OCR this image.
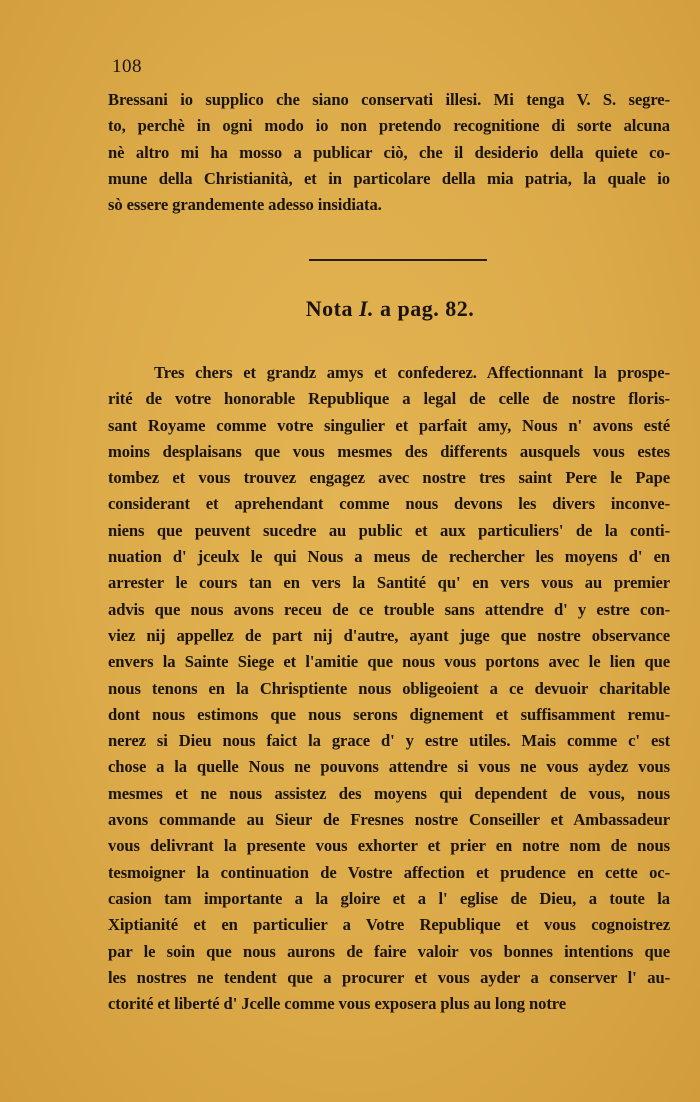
108
Bressani io supplico che siano conservati illesi. Mi tenga V. S. segre-
to, perchè in ogni modo io non pretendo recognitione di sorte alcuna
nè altro mi ha mosso a publicar ciò, che il desiderio della quiete co-
mune della Christianità, et in particolare della mia patria, la quale io
sò essere grandemente adesso insidiata.
Nota I. a pag. 82.
Tres chers et grandz amys et confederez. Affectionnant la prospe-
rité de votre honorable Republique a legal de celle de nostre floris-
sant Royame comme votre singulier et parfait amy, Nous n' avons esté
moins desplaisans que vous mesmes des differents ausquels vous estes
tombez et vous trouvez engagez avec nostre tres saint Pere le Pape
considerant et aprehendant comme nous devons les divers inconve-
niens que peuvent sucedre au public et aux particuliers' de la conti-
nuation d' jceulx le qui Nous a meus de rechercher les moyens d' en
arrester le cours tan en vers la Santité qu' en vers vous au premier
advis que nous avons receu de ce trouble sans attendre d' y estre con-
viez nij appellez de part nij d'autre, ayant juge que nostre observance
envers la Sainte Siege et l'amitie que nous vous portons avec le lien que
nous tenons en la Chrisptiente nous obligeoient a ce devuoir charitable
dont nous estimons que nous serons dignement et suffisamment remu-
nerez si Dieu nous faict la grace d' y estre utiles. Mais comme c' est
chose a la quelle Nous ne pouvons attendre si vous ne vous aydez vous
mesmes et ne nous assistez des moyens qui dependent de vous, nous
avons commande au Sieur de Fresnes nostre Conseiller et Ambassadeur
vous delivrant la presente vous exhorter et prier en notre nom de nous
tesmoigner la continuation de Vostre affection et prudence en cette oc-
casion tam importante a la gloire et a l' eglise de Dieu, a toute la
Xiptianité et en particulier a Votre Republique et vous cognoistrez
par le soin que nous aurons de faire valoir vos bonnes intentions que
les nostres ne tendent que a procurer et vous ayder a conserver l' au-
ctorité et liberté d' Jcelle comme vous exposera plus au long notre
